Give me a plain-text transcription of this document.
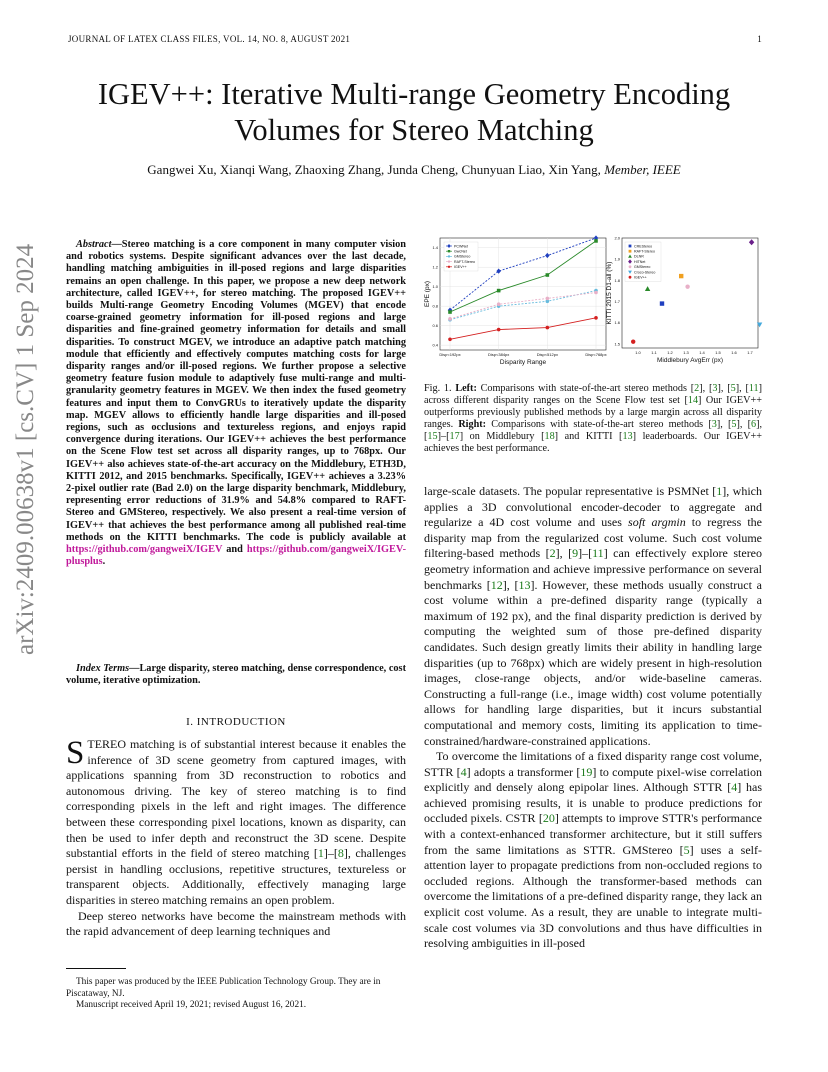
JOURNAL OF LATEX CLASS FILES, VOL. 14, NO. 8, AUGUST 2021	1
arXiv:2409.00638v1 [cs.CV] 1 Sep 2024
IGEV++: Iterative Multi-range Geometry Encoding
Volumes for Stereo Matching
Gangwei Xu, Xianqi Wang, Zhaoxing Zhang, Junda Cheng, Chunyuan Liao, Xin Yang, Member, IEEE

Abstract—Stereo matching is a core component in many computer vision and robotics systems. Despite significant advances over the last decade, handling matching ambiguities in ill-posed regions and large disparities remains an open challenge. In this paper, we propose a new deep network architecture, called IGEV++, for stereo matching. The proposed IGEV++ builds Multi-range Geometry Encoding Volumes (MGEV) that encode coarse-grained geometry information for ill-posed regions and large disparities and fine-grained geometry information for details and small disparities. To construct MGEV, we introduce an adaptive patch matching module that efficiently and effectively computes matching costs for large disparity ranges and/or ill-posed regions. We further propose a selective geometry feature fusion module to adaptively fuse multi-range and multi-granularity geometry features in MGEV. We then index the fused geometry features and input them to ConvGRUs to iteratively update the disparity map. MGEV allows to efficiently handle large disparities and ill-posed regions, such as occlusions and textureless regions, and enjoys rapid convergence during iterations. Our IGEV++ achieves the best performance on the Scene Flow test set across all disparity ranges, up to 768px. Our IGEV++ also achieves state-of-the-art accuracy on the Middlebury, ETH3D, KITTI 2012, and 2015 benchmarks. Specifically, IGEV++ achieves a 3.23% 2-pixel outlier rate (Bad 2.0) on the large disparity benchmark, Middlebury, representing error reductions of 31.9% and 54.8% compared to RAFT-Stereo and GMStereo, respectively. We also present a real-time version of IGEV++ that achieves the best performance among all published real-time methods on the KITTI benchmarks. The code is publicly available at https://github.com/gangweiX/IGEV and https://github.com/gangweiX/IGEV-plusplus.

Index Terms—Large disparity, stereo matching, dense correspondence, cost volume, iterative optimization.
I. INTRODUCTION

STEREO matching is of substantial interest because it enables the inference of 3D scene geometry from captured images, with applications spanning from 3D reconstruction to robotics and autonomous driving. The key of stereo matching is to find corresponding pixels in the left and right images. The difference between these corresponding pixel locations, known as disparity, can then be used to infer depth and reconstruct the 3D scene. Despite substantial efforts in the field of stereo matching [ 1 ] – [ 8 ] , challenges persist in handling occlusions, repetitive structures, textureless or transparent objects. Additionally, effectively managing large disparities in stereo matching remains an open problem.

Deep stereo networks have become the mainstream methods with the rapid advancement of deep learning techniques and

This paper was produced by the IEEE Publication Technology Group. They are in Piscataway, NJ.

Manuscript received April 19, 2021; revised August 16, 2021.

0.4
0.6
0.8
1.0
1.2
1.4
Disp<192px	Disp<384px	Disp<512px	Disp<768px
Disparity Range
EPE (px)
PCWNet
GwcNet
GMStereo
RAFT-Stereo
IGEV++
1.5
1.6
1.7
1.8
1.9
2.0
1.0	1.1	1.2	1.3	1.4	1.5	1.6	1.7
Middlebury AvgErr (px)
KITTI 2015 D1-all (%)
CREStereo
RAFT-Stereo
DLNR
HITNet
GMStereo
Croco-Stereo
IGEV++
Fig. 1. Left: Comparisons with state-of-the-art stereo methods [ 2 ] , [ 3 ] , [ 5 ] , [ 11 ] across different disparity ranges on the Scene Flow test set [ 14 ] Our IGEV++ outperforms previously published methods by a large margin across all disparity ranges. Right: Comparisons with state-of-the-art stereo methods [ 3 ] , [ 5 ] , [ 6 ] , [ 15 ] – [ 17 ] on Middlebury [ 18 ] and KITTI [ 13 ] leaderboards. Our IGEV++ achieves the best performance.

large-scale datasets. The popular representative is PSMNet [ 1 ] , which applies a 3D convolutional encoder-decoder to aggregate and regularize a 4D cost volume and uses soft argmin to regress the disparity map from the regularized cost volume. Such cost volume filtering-based methods [ 2 ] , [ 9 ] – [ 11 ] can effectively explore stereo geometry information and achieve impressive performance on several benchmarks [ 12 ] , [ 13 ] . However, these methods usually construct a cost volume within a pre-defined disparity range (typically a maximum of 192 px), and the final disparity prediction is derived by computing the weighted sum of those pre-defined disparity candidates. Such design greatly limits their ability in handling large disparities (up to 768px) which are widely present in high-resolution images, close-range objects, and/or wide-baseline cameras. Constructing a full-range (i.e., image width) cost volume potentially allows for handling large disparities, but it incurs substantial computational and memory costs, limiting its application to time-constrained/hardware-constrained applications.

To overcome the limitations of a fixed disparity range cost volume, STTR [ 4 ] adopts a transformer [ 19 ] to compute pixel-wise correlation explicitly and densely along epipolar lines. Although STTR [ 4 ] has achieved promising results, it is unable to produce predictions for occluded pixels. CSTR [ 20 ] attempts to improve STTR's performance with a context-enhanced transformer architecture, but it still suffers from the same limitations as STTR. GMStereo [ 5 ] uses a self-attention layer to propagate predictions from non-occluded regions to occluded regions. Although the transformer-based methods can overcome the limitations of a pre-defined disparity range, they lack an explicit cost volume. As a result, they are unable to integrate multi-scale cost volumes via 3D convolutions and thus have difficulties in resolving ambiguities in ill-posed
